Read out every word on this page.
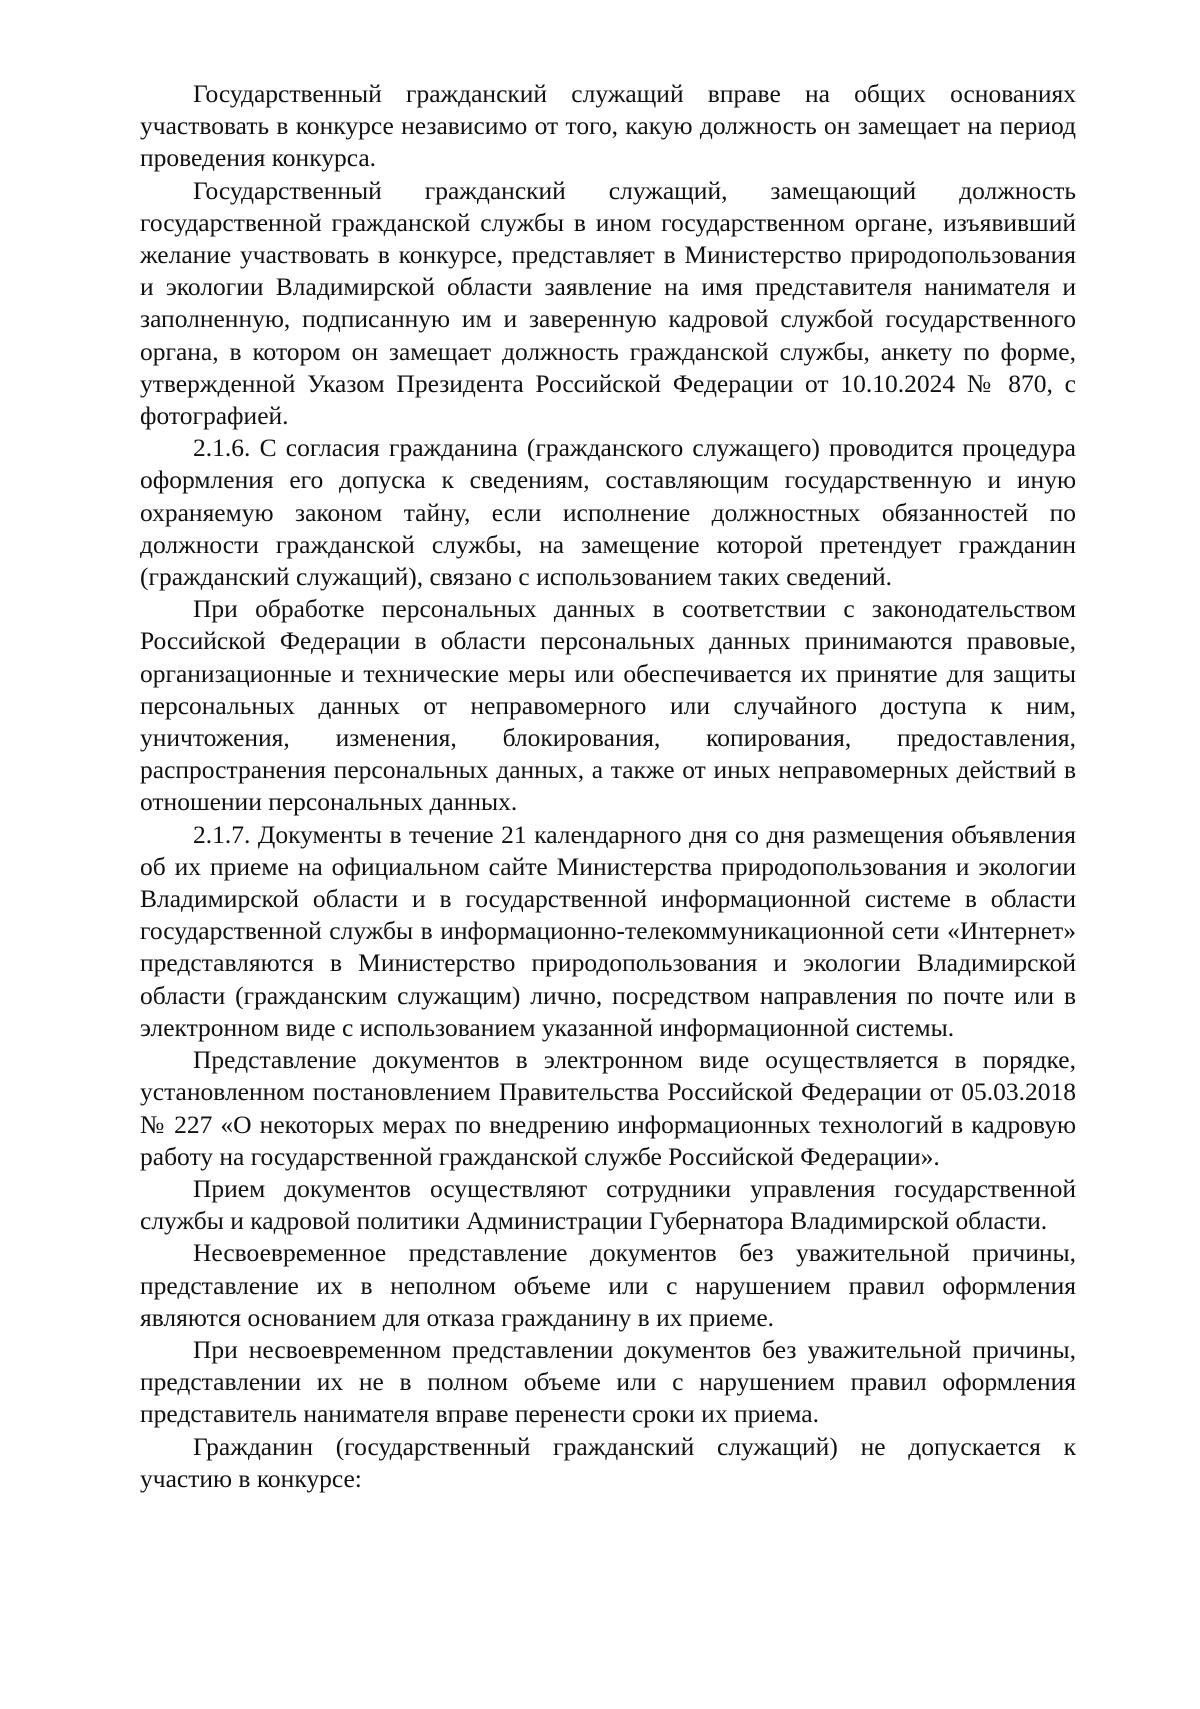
Государственный гражданский служащий вправе на общих основаниях участвовать в конкурсе независимо от того, какую должность он замещает на период проведения конкурса.

Государственный гражданский служащий, замещающий должность государственной гражданской службы в ином государственном органе, изъявивший желание участвовать в конкурсе, представляет в Министерство природопользования и экологии Владимирской области заявление на имя представителя нанимателя и заполненную, подписанную им и заверенную кадровой службой государственного органа, в котором он замещает должность гражданской службы, анкету по форме, утвержденной Указом Президента Российской Федерации от 10.10.2024 № 870, с фотографией.

2.1.6. С согласия гражданина (гражданского служащего) проводится процедура оформления его допуска к сведениям, составляющим государственную и иную охраняемую законом тайну, если исполнение должностных обязанностей по должности гражданской службы, на замещение которой претендует гражданин (гражданский служащий), связано с использованием таких сведений.

При обработке персональных данных в соответствии с законодательством Российской Федерации в области персональных данных принимаются правовые, организационные и технические меры или обеспечивается их принятие для защиты персональных данных от неправомерного или случайного доступа к ним, уничтожения, изменения, блокирования, копирования, предоставления, распространения персональных данных, а также от иных неправомерных действий в отношении персональных данных.

2.1.7. Документы в течение 21 календарного дня со дня размещения объявления об их приеме на официальном сайте Министерства природопользования и экологии Владимирской области и в государственной информационной системе в области государственной службы в информационно-телекоммуникационной сети «Интернет» представляются в Министерство природопользования и экологии Владимирской области (гражданским служащим) лично, посредством направления по почте или в электронном виде с использованием указанной информационной системы.

Представление документов в электронном виде осуществляется в порядке, установленном постановлением Правительства Российской Федерации от 05.03.2018 № 227 «О некоторых мерах по внедрению информационных технологий в кадровую работу на государственной гражданской службе Российской Федерации».

Прием документов осуществляют сотрудники управления государственной службы и кадровой политики Администрации Губернатора Владимирской области.

Несвоевременное представление документов без уважительной причины, представление их в неполном объеме или с нарушением правил оформления являются основанием для отказа гражданину в их приеме.

При несвоевременном представлении документов без уважительной причины, представлении их не в полном объеме или с нарушением правил оформления представитель нанимателя вправе перенести сроки их приема.

Гражданин (государственный гражданский служащий) не допускается к участию в конкурсе:
